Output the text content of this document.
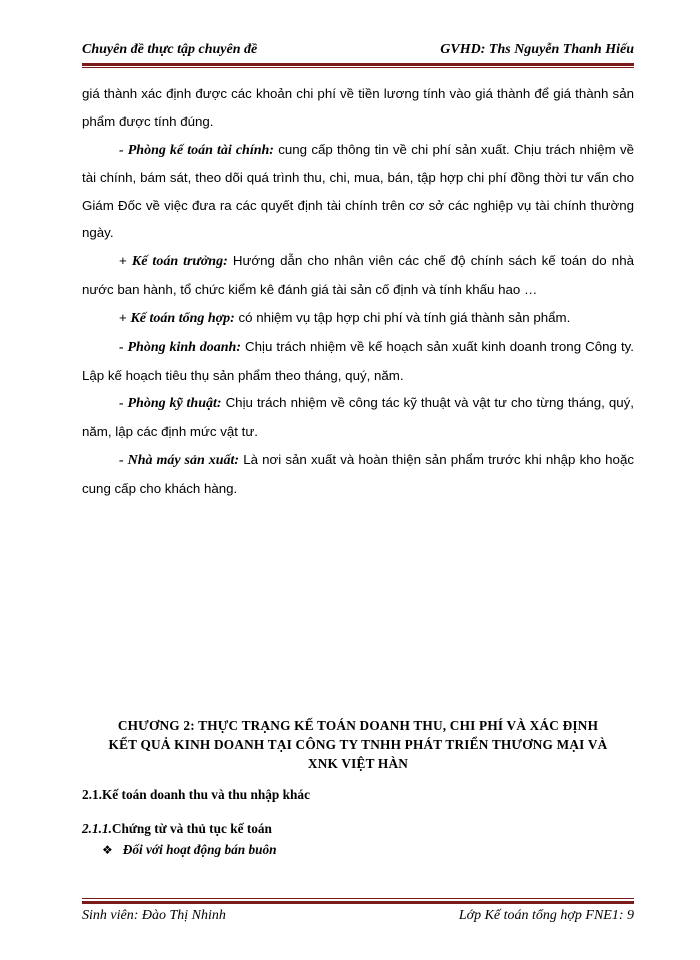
Chuyên đề thực tập chuyên đề	GVHD: Ths Nguyễn Thanh Hiếu

giá thành xác định được các khoản chi phí về tiền lương tính vào giá thành để giá thành sản phẩm được tính đúng.

- Phòng kế toán tài chính: cung cấp thông tin về chi phí sản xuất. Chịu trách nhiệm về tài chính, bám sát, theo dõi quá trình thu, chi, mua, bán, tập hợp chi phí đồng thời tư vấn cho Giám Đốc về việc đưa ra các quyết định tài chính trên cơ sở các nghiệp vụ tài chính thường ngày.

+ Kế toán trưởng: Hướng dẫn cho nhân viên các chế độ chính sách kế toán do nhà nước ban hành, tổ chức kiểm kê đánh giá tài sản cố định và tính khấu hao …

+ Kế toán tổng hợp: có nhiệm vụ tập hợp chi phí và tính giá thành sản phẩm.

- Phòng kinh doanh: Chịu trách nhiệm về kế hoạch sản xuất kinh doanh trong Công ty. Lập kế hoạch tiêu thụ sản phẩm theo tháng, quý, năm.

- Phòng kỹ thuật: Chịu trách nhiệm về công tác kỹ thuật và vật tư cho từng tháng, quý, năm, lập các định mức vật tư.

- Nhà máy sản xuất: Là nơi sản xuất và hoàn thiện sản phẩm trước khi nhập kho hoặc cung cấp cho khách hàng.

CHƯƠNG 2: THỰC TRẠNG KẾ TOÁN DOANH THU, CHI PHÍ VÀ XÁC ĐỊNH
KẾT QUẢ KINH DOANH TẠI CÔNG TY TNHH PHÁT TRIỂN THƯƠNG MẠI VÀ
XNK VIỆT HÀN
2.1.Kế toán doanh thu và thu nhập khác
2.1.1.Chứng từ và thủ tục kế toán
❖ Đối với hoạt động bán buôn
Sinh viên: Đào Thị Nhinh	Lớp Kế toán tổng hợp FNE1: 9
